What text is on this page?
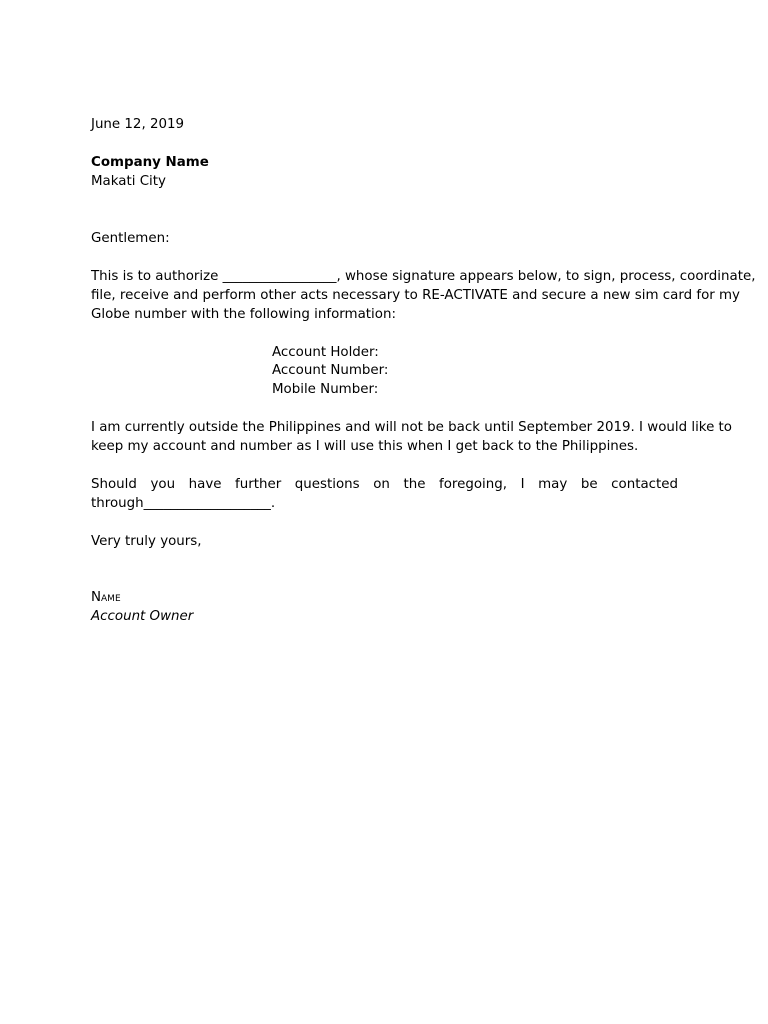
June 12, 2019
Company Name
Makati City
Gentlemen:
This is to authorize _________________, whose signature appears below, to sign, process, coordinate,
file, receive and perform other acts necessary to RE-ACTIVATE and secure a new sim card for my
Globe number with the following information:
Account Holder:
Account Number:
Mobile Number:
I am currently outside the Philippines and will not be back until September 2019. I would like to
keep my account and number as I will use this when I get back to the Philippines.
Should you have further questions on the foregoing, I may be contacted
through___________________.
Very truly yours,
Name
Account Owner
